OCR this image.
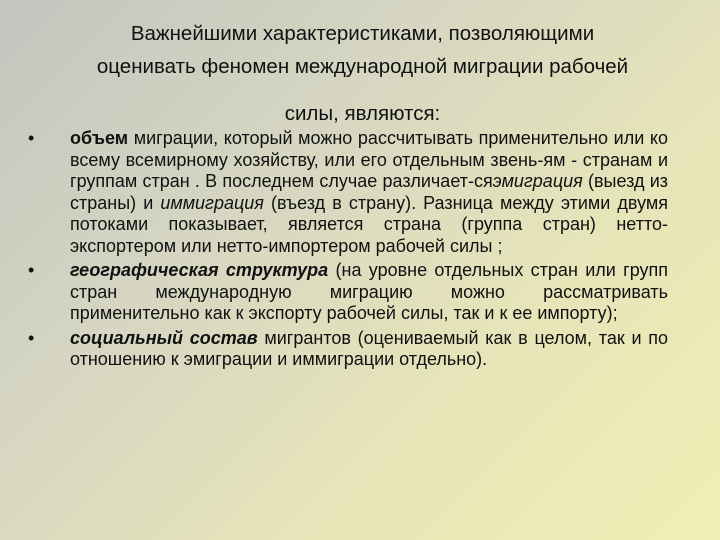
Важнейшими характеристиками, позволяющими
оценивать феномен международной миграции рабочей
силы, являются:
• объем миграции, который можно рассчитывать применительно или ко всему всемирному хозяйству, или его отдельным звень-ям - странам и группам стран . В последнем случае различает-сяэмиграция (выезд из страны) и иммиграция (въезд в страну). Разница между этими двумя потоками показывает, является страна (группа стран) нетто-экспортером или нетто-импортером рабочей силы ;
• географическая структура (на уровне отдельных стран или групп стран международную миграцию можно рассматривать применительно как к экспорту рабочей силы, так и к ее импорту);
• социальный состав мигрантов (оцениваемый как в целом, так и по отношению к эмиграции и иммиграции отдельно).
